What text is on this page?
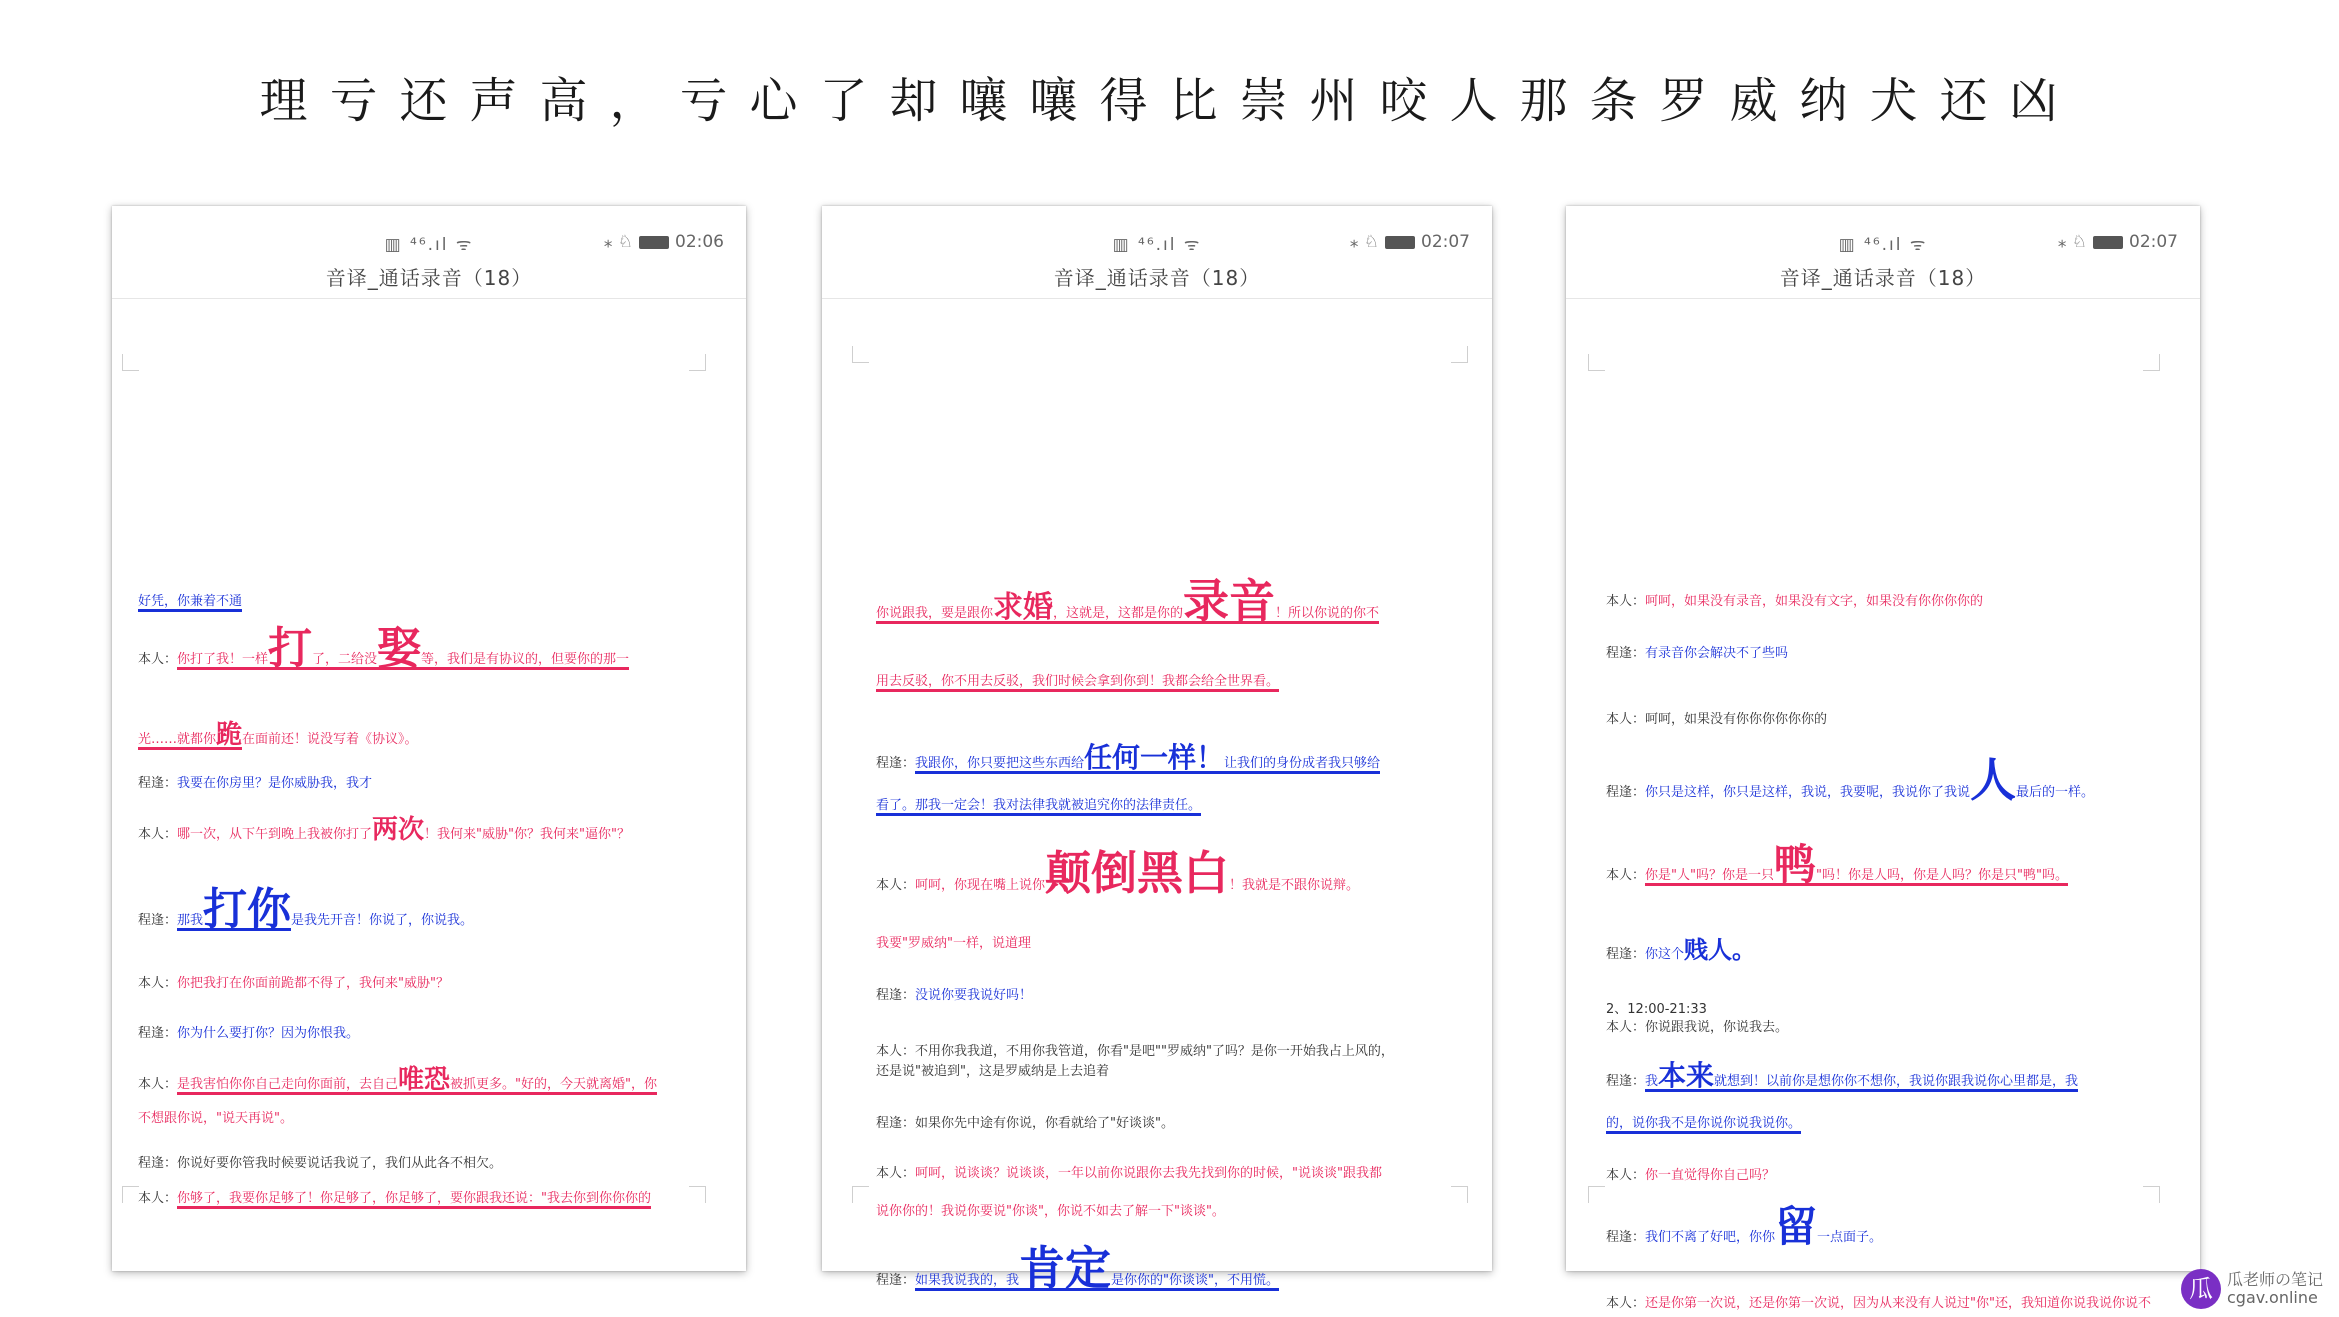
理亏还声高，亏心了却嚷嚷得比崇州咬人那条罗威纳犬还凶
▥ ⁴⁶.ıl ᯤ	⁎ ♘ 02:06
音译_通话录音（18）
好凭，你兼着不通
本人：你打了我！一样打了，二给没娶等，我们是有协议的，但要你的那一
光……就都你跪在面前还！说没写着《协议》。
程逢：我要在你房里？是你威胁我，我才
本人：哪一次，从下午到晚上我被你打了两次！我何来"威胁"你？我何来"逼你"？
程逢：那我打你是我先开音！你说了，你说我。
本人：你把我打在你面前跪都不得了，我何来"威胁"？
程逢：你为什么要打你？因为你恨我。
本人：是我害怕你你自己走向你面前，去自己唯恐被抓更多。"好的，今天就离婚"，你
不想跟你说，"说天再说"。
程逢：你说好要你管我时候要说话我说了，我们从此各不相欠。
本人：你够了，我要你足够了！你足够了，你足够了，要你跟我还说："我去你到你你你的
▥ ⁴⁶.ıl ᯤ	⁎ ♘ 02:07
音译_通话录音（18）
你说跟我，要是跟你求婚，这就是，这都是你的录音！所以你说的你不
用去反驳，你不用去反驳，我们时候会拿到你到！我都会给全世界看。
程逢：我跟你，你只要把这些东西给任何一样！让我们的身份成者我只够给
看了。那我一定会！我对法律我就被追究你的法律责任。
本人：呵呵，你现在嘴上说你颠倒黑白！我就是不跟你说辩。
我要"罗威纳"一样，说道理
程逢：没说你要我说好吗！
本人：不用你我我道，不用你我管道，你看"是吧""罗威纳"了吗？是你一开始我占上风的，
还是说"被追到"，这是罗威纳是上去追着
程逢：如果你先中途有你说，你看就给了"好谈谈"。
本人：呵呵，说谈谈？说谈谈，一年以前你说跟你去我先找到你的时候，"说谈谈"跟我都
说你你的！我说你要说"你谈"，你说不如去了解一下"谈谈"。
程逢：如果我说我的，我肯定是你你的"你谈谈"，不用慌。
▥ ⁴⁶.ıl ᯤ	⁎ ♘ 02:07
音译_通话录音（18）
本人：呵呵，如果没有录音，如果没有文字，如果没有你你你你的
程逢：有录音你会解决不了些吗
本人：呵呵，如果没有你你你你你你的
程逢：你只是这样，你只是这样，我说，我要呢，我说你了我说人最后的一样。
本人：你是"人"吗？你是一只鸭"吗！你是人吗，你是人吗？你是只"鸭"吗。
程逢：你这个贱人。
2、12:00-21:33
本人：你说跟我说，你说我去。
程逢：我本来就想到！以前你是想你你不想你，我说你跟我说你心里都是，我
的，说你我不是你说你说我说你。
本人：你一直觉得你自己吗？
程逢：我们不离了好吧，你你留一点面子。
本人：还是你第一次说，还是你第一次说，因为从来没有人说过"你"还，我知道你说我说你说不
瓜 瓜老师の笔记
cgav.online
